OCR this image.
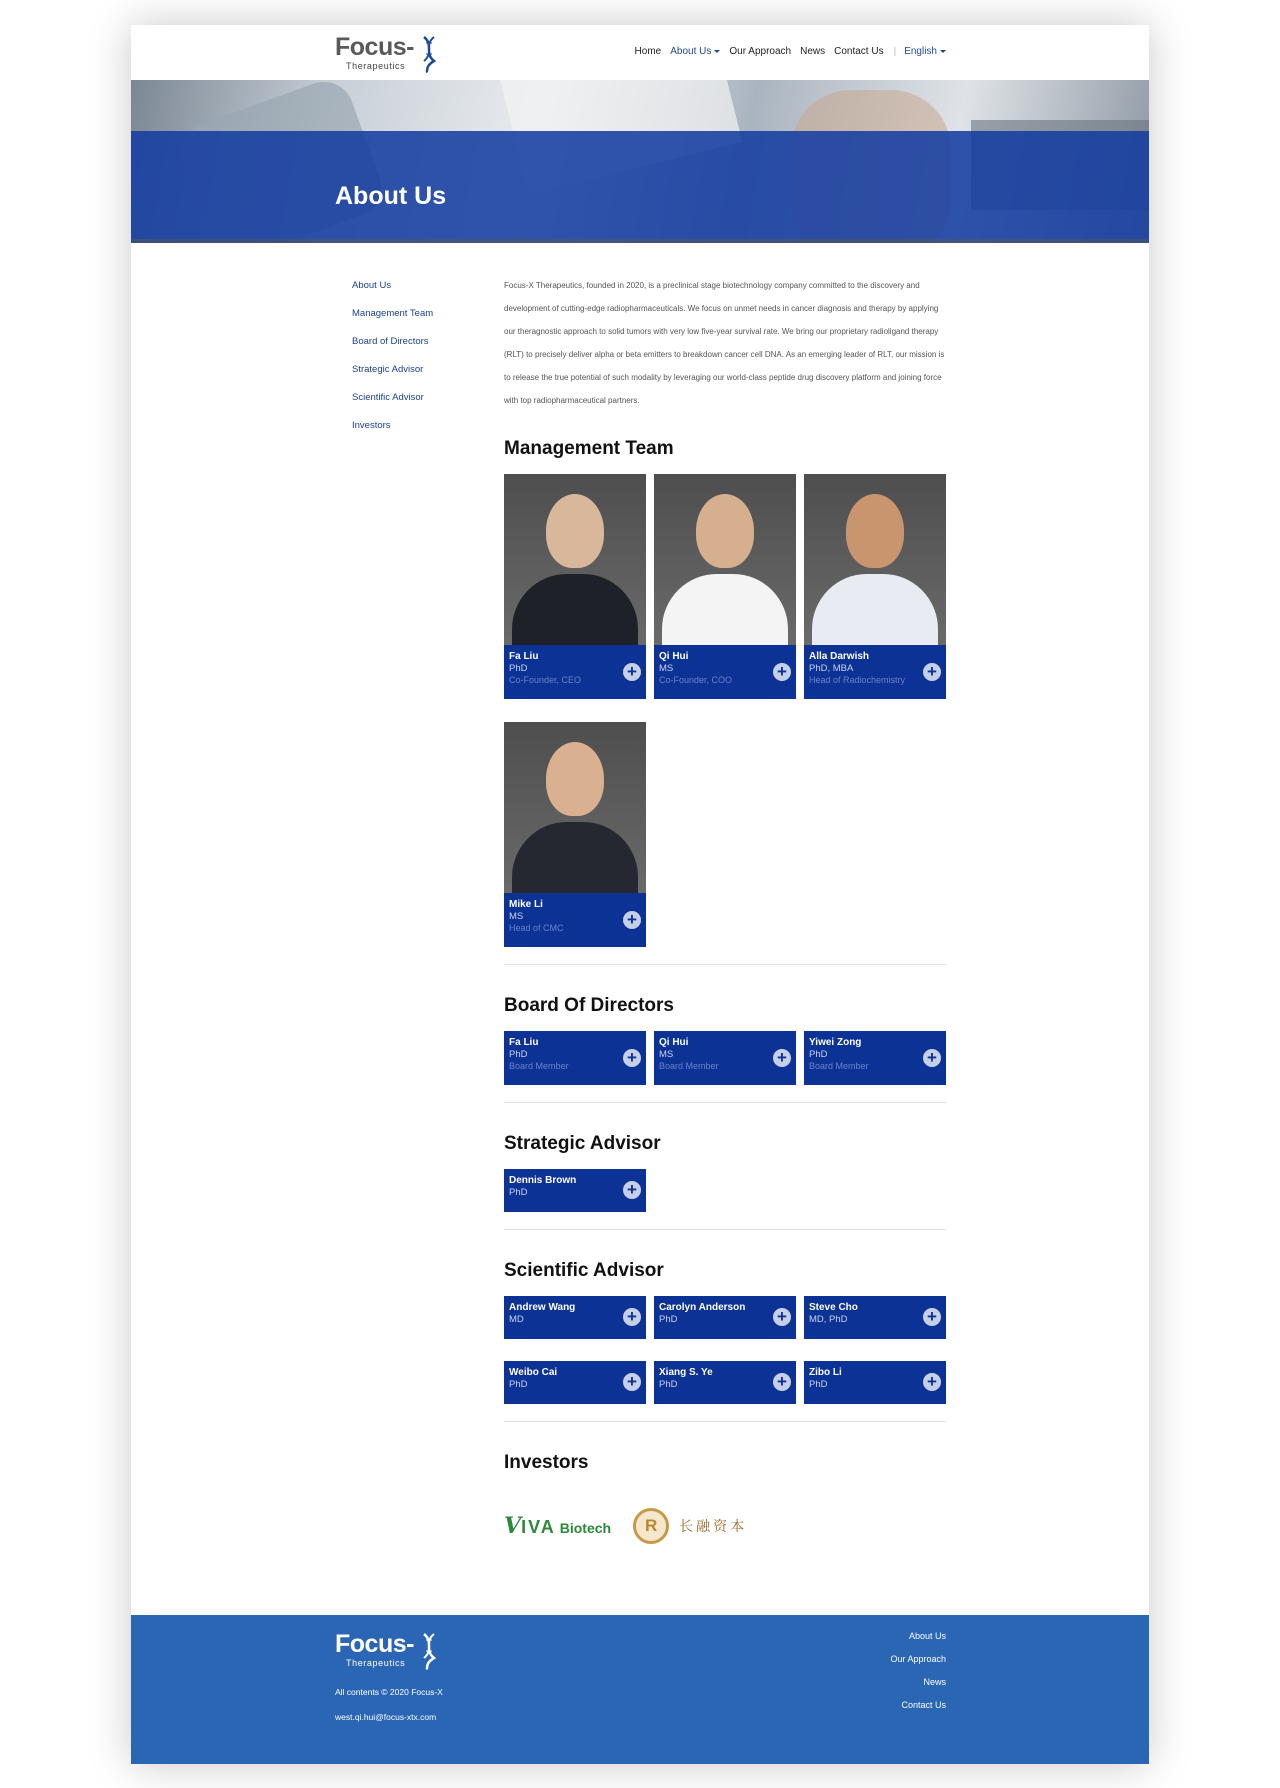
Focus-
Therapeutics
Home About Us	Our Approach News Contact Us | English
About Us
About Us
Management Team
Board of Directors
Strategic Advisor
Scientific Advisor
Investors

Focus-X Therapeutics, founded in 2020, is a preclinical stage biotechnology company committed to the discovery and development of cutting-edge radiopharmaceuticals. We focus on unmet needs in cancer diagnosis and therapy by applying our theragnostic approach to solid tumors with very low five-year survival rate. We bring our proprietary radioligand therapy (RLT) to precisely deliver alpha or beta emitters to breakdown cancer cell DNA. As an emerging leader of RLT, our mission is to release the true potential of such modality by leveraging our world-class peptide drug discovery platform and joining force with top radiopharmaceutical partners.

Management Team
Fa Liu
PhD
Co-Founder, CEO	+
Qi Hui
MS
Co-Founder, COO	+
Alla Darwish
PhD, MBA
Head of Radiochemistry	+
Mike Li
MS
Head of CMC	+
Board Of Directors
Fa Liu
PhD
Board Member	+
Qi Hui
MS
Board Member	+
Yiwei Zong
PhD
Board Member	+
Strategic Advisor
Dennis Brown
PhD	+
Scientific Advisor
Andrew Wang
MD	+	Carolyn Anderson
PhD	+	Steve Cho
MD, PhD	+
Weibo Cai
PhD	+	Xiang S. Ye
PhD	+	Zibo Li
PhD	+
Investors
VIVA Biotech	R	长融资本
Focus-
Therapeutics
All contents © 2020 Focus-X
west.qi.hui@focus-xtx.com
About Us
Our Approach
News
Contact Us
